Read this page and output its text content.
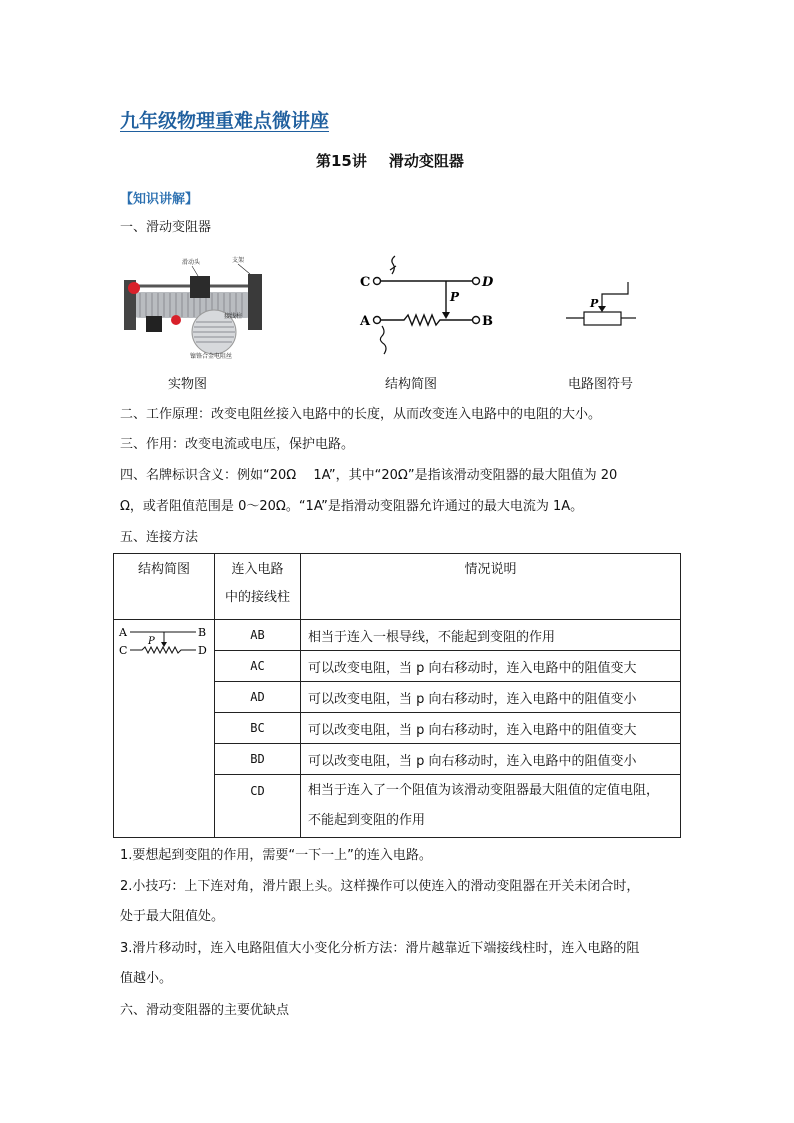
九年级物理重难点微讲座
第15讲 滑动变阻器
【知识讲解】
一、滑动变阻器
滑动头	支架
接线柱
镍铬合金电阻丝
C	D
P
A	B
P
实物图	结构简图	电路图符号
二、工作原理：改变电阻丝接入电路中的长度，从而改变连入电路中的电阻的大小。
三、作用：改变电流或电压，保护电路。
四、名牌标识含义：例如“20Ω　 1A”，其中“20Ω”是指该滑动变阻器的最大阻值为 20
Ω，或者阻值范围是 0～20Ω。“1A”是指滑动变阻器允许通过的最大电流为 1A。
五、连接方法
结构简图	连入电路
中的接线柱	情况说明

A B
P
C D	AB	相当于连入一根导线，不能起到变阻的作用
	AC	可以改变电阻，当 p 向右移动时，连入电路中的阻值变大
	AD	可以改变电阻，当 p 向右移动时，连入电路中的阻值变小
	BC	可以改变电阻，当 p 向右移动时，连入电路中的阻值变大
	BD	可以改变电阻，当 p 向右移动时，连入电路中的阻值变小
	CD	相当于连入了一个阻值为该滑动变阻器最大阻值的定值电阻，
不能起到变阻的作用
1.要想起到变阻的作用，需要“一下一上”的连入电路。
2.小技巧：上下连对角，滑片跟上头。这样操作可以使连入的滑动变阻器在开关未闭合时，
处于最大阻值处。
3.滑片移动时，连入电路阻值大小变化分析方法：滑片越靠近下端接线柱时，连入电路的阻
值越小。
六、滑动变阻器的主要优缺点
